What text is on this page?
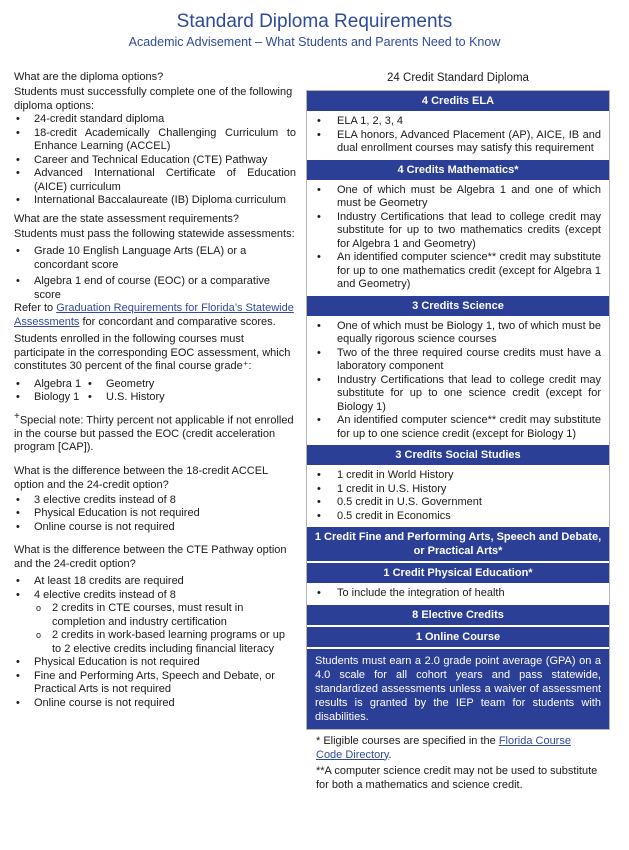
Standard Diploma Requirements
Academic Advisement – What Students and Parents Need to Know
What are the diploma options?
Students must successfully complete one of the following diploma options:
• 24-credit standard diploma
• 18-credit Academically Challenging Curriculum to Enhance Learning (ACCEL)
• Career and Technical Education (CTE) Pathway
• Advanced International Certificate of Education (AICE) curriculum
• International Baccalaureate (IB) Diploma curriculum
What are the state assessment requirements?
Students must pass the following statewide assessments:
• Grade 10 English Language Arts (ELA) or a concordant score
• Algebra 1 end of course (EOC) or a comparative score
Refer to Graduation Requirements for Florida’s Statewide Assessments for concordant and comparative scores.
Students enrolled in the following courses must participate in the corresponding EOC assessment, which constitutes 30 percent of the final course grade⁺:
• Algebra 1
• Biology 1
• Geometry
• U.S. History
+Special note: Thirty percent not applicable if not enrolled in the course but passed the EOC (credit acceleration program [CAP]).
What is the difference between the 18-credit ACCEL option and the 24-credit option?
• 3 elective credits instead of 8
• Physical Education is not required
• Online course is not required
What is the difference between the CTE Pathway option and the 24-credit option?
• At least 18 credits are required
• 4 elective credits instead of 8
o 2 credits in CTE courses, must result in completion and industry certification
o 2 credits in work-based learning programs or up to 2 elective credits including financial literacy
• Physical Education is not required
• Fine and Performing Arts, Speech and Debate, or Practical Arts is not required
• Online course is not required
24 Credit Standard Diploma
4 Credits ELA
• ELA 1, 2, 3, 4
• ELA honors, Advanced Placement (AP), AICE, IB and dual enrollment courses may satisfy this requirement
4 Credits Mathematics*
• One of which must be Algebra 1 and one of which must be Geometry
• Industry Certifications that lead to college credit may substitute for up to two mathematics credits (except for Algebra 1 and Geometry)
• An identified computer science** credit may substitute for up to one mathematics credit (except for Algebra 1 and Geometry)
3 Credits Science
• One of which must be Biology 1, two of which must be equally rigorous science courses
• Two of the three required course credits must have a laboratory component
• Industry Certifications that lead to college credit may substitute for up to one science credit (except for Biology 1)
• An identified computer science** credit may substitute for up to one science credit (except for Biology 1)
3 Credits Social Studies
• 1 credit in World History
• 1 credit in U.S. History
• 0.5 credit in U.S. Government
• 0.5 credit in Economics
1 Credit Fine and Performing Arts, Speech and Debate, or Practical Arts*
1 Credit Physical Education*
• To include the integration of health
8 Elective Credits
1 Online Course
Students must earn a 2.0 grade point average (GPA) on a 4.0 scale for all cohort years and pass statewide, standardized assessments unless a waiver of assessment results is granted by the IEP team for students with disabilities.
* Eligible courses are specified in the Florida Course Code Directory.
**A computer science credit may not be used to substitute for both a mathematics and science credit.
